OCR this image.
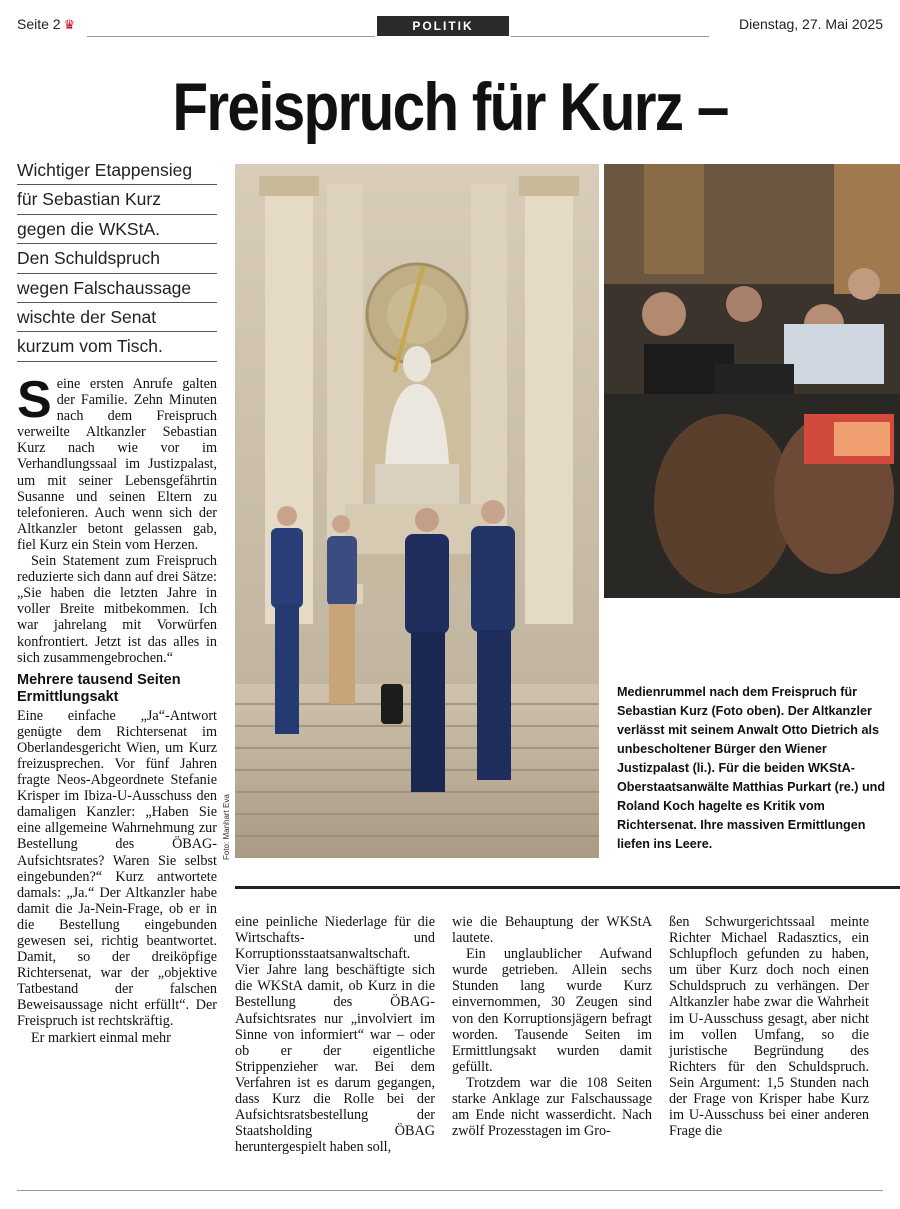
Seite 2 ♛	POLITIK	Dienstag, 27. Mai 2025
Freispruch für Kurz –
Wichtiger Etappensieg
für Sebastian Kurz
gegen die WKStA.
Den Schuldspruch
wegen Falschaussage
wischte der Senat
kurzum vom Tisch.
Foto: Manhart Eva
Medienrummel nach dem Freispruch für Sebastian Kurz (Foto oben). Der Altkanzler verlässt mit seinem Anwalt Otto Dietrich als unbescholtener Bürger den Wiener Justizpalast (li.). Für die beiden WKStA-Oberstaatsanwälte Matthias Purkart (re.) und Roland Koch hagelte es Kritik vom Richtersenat. Ihre massiven Ermittlungen liefen ins Leere.

Seine ersten Anrufe galten der Familie. Zehn Minuten nach dem Freispruch verweilte Altkanzler Sebastian Kurz nach wie vor im Verhandlungssaal im Justizpalast, um mit seiner Lebensgefährtin Susanne und seinen Eltern zu telefonieren. Auch wenn sich der Altkanzler betont gelassen gab, fiel Kurz ein Stein vom Herzen.

Sein Statement zum Freispruch reduzierte sich dann auf drei Sätze: „Sie haben die letzten Jahre in voller Breite mitbekommen. Ich war jahrelang mit Vorwürfen konfrontiert. Jetzt ist das alles in sich zusammengebrochen.“

Mehrere tausend Seiten Ermittlungsakt

Eine einfache „Ja“-Antwort genügte dem Richtersenat im Oberlandesgericht Wien, um Kurz freizusprechen. Vor fünf Jahren fragte Neos-Abgeordnete Stefanie Krisper im Ibiza-U-Ausschuss den damaligen Kanzler: „Haben Sie eine allgemeine Wahrnehmung zur Bestellung des ÖBAG-Aufsichtsrates? Waren Sie selbst eingebunden?“ Kurz antwortete damals: „Ja.“ Der Altkanzler habe damit die Ja-Nein-Frage, ob er in die Bestellung eingebunden gewesen sei, richtig beantwortet. Damit, so der dreiköpfige Richtersenat, war der „objektive Tatbestand der falschen Beweisaussage nicht erfüllt“. Der Freispruch ist rechtskräftig.

Er markiert einmal mehr

eine peinliche Niederlage für die Wirtschafts- und Korruptionsstaatsanwaltschaft.

Vier Jahre lang beschäftigte sich die WKStA damit, ob Kurz in die Bestellung des ÖBAG-Aufsichtsrates nur „involviert im Sinne von informiert“ war – oder ob er der eigentliche Strippenzieher war. Bei dem Verfahren ist es darum gegangen, dass Kurz die Rolle bei der Aufsichtsratsbestellung der Staatsholding ÖBAG heruntergespielt haben soll,

wie die Behauptung der WKStA lautete.

Ein unglaublicher Aufwand wurde getrieben. Allein sechs Stunden lang wurde Kurz einvernommen, 30 Zeugen sind von den Korruptionsjägern befragt worden. Tausende Seiten im Ermittlungsakt wurden damit gefüllt.

Trotzdem war die 108 Seiten starke Anklage zur Falschaussage am Ende nicht wasserdicht. Nach zwölf Prozesstagen im Gro-

ßen Schwurgerichtssaal meinte Richter Michael Radasztics, ein Schlupfloch gefunden zu haben, um über Kurz doch noch einen Schuldspruch zu verhängen. Der Altkanzler habe zwar die Wahrheit im U-Ausschuss gesagt, aber nicht im vollen Umfang, so die juristische Begründung des Richters für den Schuldspruch. Sein Argument: 1,5 Stunden nach der Frage von Krisper habe Kurz im U-Ausschuss bei einer anderen Frage die
